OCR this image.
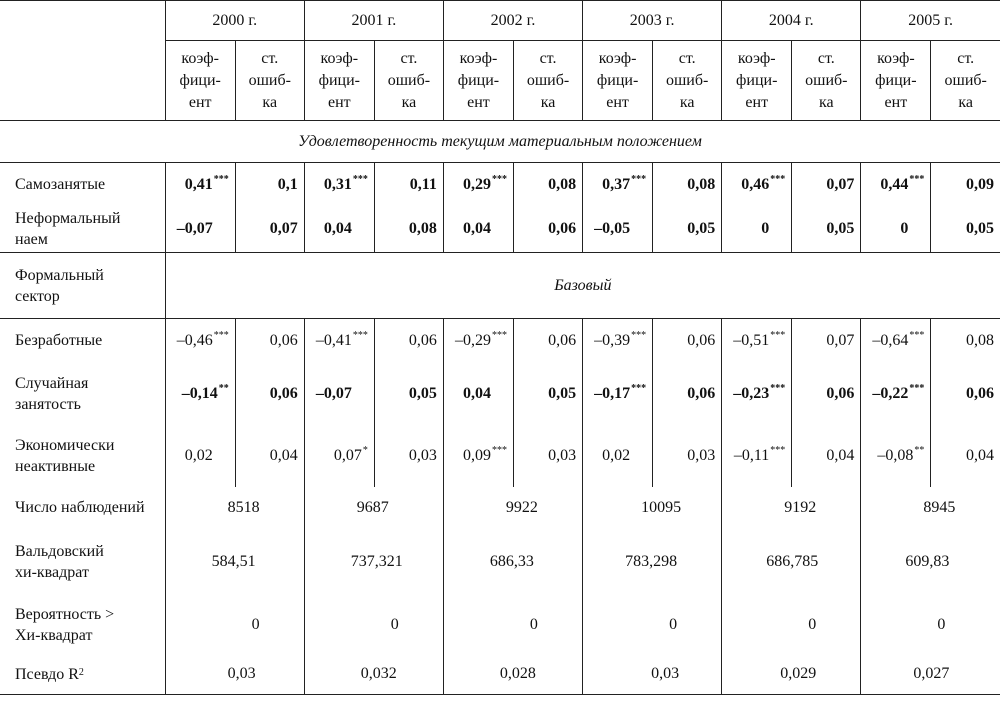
	2000 г.		2001 г.		2002 г.		2003 г.		2004 г.		2005 г.	
	коэф-
фици-
ент	ст.
ошиб-
ка	коэф-
фици-
ент	ст.
ошиб-
ка	коэф-
фици-
ент	ст.
ошиб-
ка	коэф-
фици-
ент	ст.
ошиб-
ка	коэф-
фици-
ент	ст.
ошиб-
ка	коэф-
фици-
ент	ст.
ошиб-
ка
Удовлетворенность текущим материальным положением												
Самозанятые	0,41***	0,1	0,31***	0,11	0,29***	0,08	0,37***	0,08	0,46***	0,07	0,44***	0,09
Неформальный
наем	–0,07	0,07	0,04	0,08	0,04	0,06	–0,05	0,05	0	0,05	0	0,05
Формальный
сектор	Базовый											
Безработные	–0,46***	0,06	–0,41***	0,06	–0,29***	0,06	–0,39***	0,06	–0,51***	0,07	–0,64***	0,08
Случайная
занятость	–0,14**	0,06	–0,07	0,05	0,04	0,05	–0,17***	0,06	–0,23***	0,06	–0,22***	0,06
Экономически
неактивные	0,02	0,04	0,07*	0,03	0,09***	0,03	0,02	0,03	–0,11***	0,04	–0,08**	0,04
Число наблюдений	8518		9687		9922		10095		9192		8945	
Вальдовский
хи-квадрат	584,51		737,321		686,33		783,298		686,785		609,83	
Вероятность >
Хи-квадрат	0		0		0		0		0		0	
Псевдо $R^2$	0,03		0,032		0,028		0,03		0,029		0,027	
